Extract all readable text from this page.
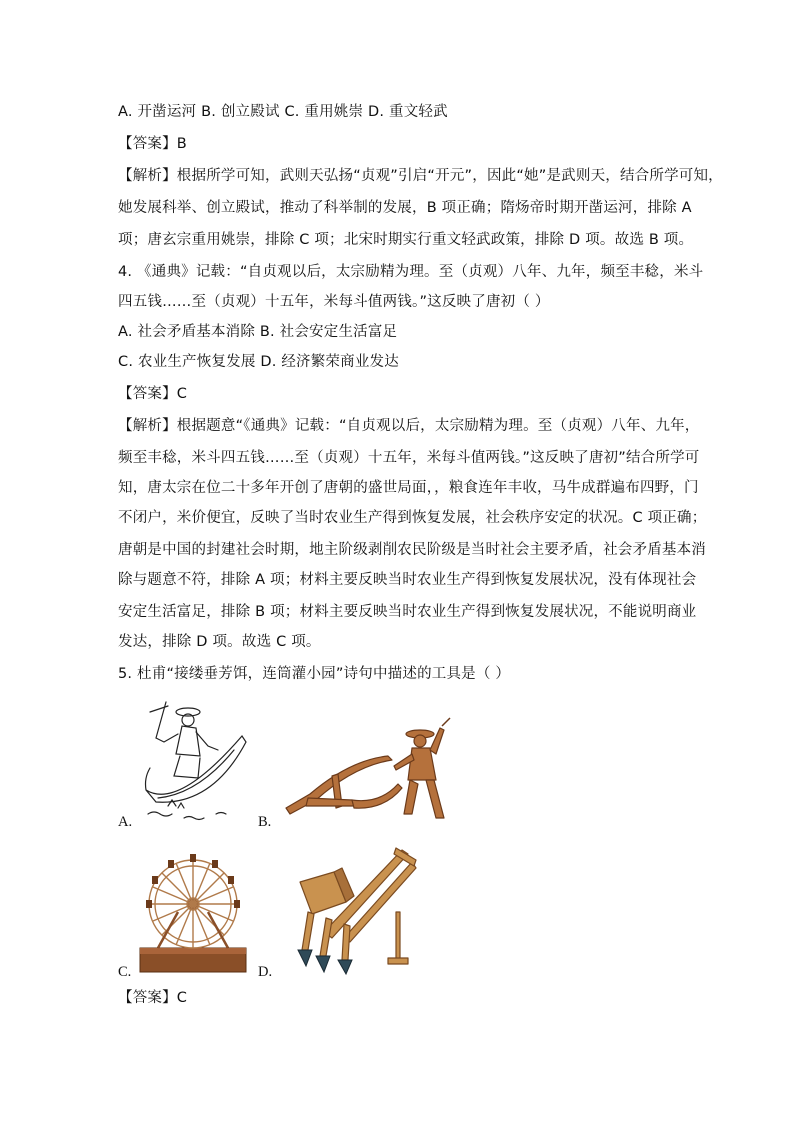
A. 开凿运河 B. 创立殿试 C. 重用姚崇 D. 重文轻武
【答案】B
【解析】根据所学可知，武则天弘扬“贞观”引启“开元”，因此“她”是武则天，结合所学可知，
她发展科举、创立殿试，推动了科举制的发展，B 项正确；隋炀帝时期开凿运河，排除 A
项；唐玄宗重用姚崇，排除 C 项；北宋时期实行重文轻武政策，排除 D 项。故选 B 项。
4. 《通典》记载：“自贞观以后，太宗励精为理。至（贞观）八年、九年，频至丰稔，米斗
四五钱……至（贞观）十五年，米每斗值两钱。”这反映了唐初（ ）
A. 社会矛盾基本消除 B. 社会安定生活富足
C. 农业生产恢复发展 D. 经济繁荣商业发达
【答案】C
【解析】根据题意“《通典》记载：“自贞观以后，太宗励精为理。至（贞观）八年、九年，
频至丰稔，米斗四五钱……至（贞观）十五年，米每斗值两钱。”这反映了唐初”结合所学可
知，唐太宗在位二十多年开创了唐朝的盛世局面，，粮食连年丰收，马牛成群遍布四野，门
不闭户，米价便宜，反映了当时农业生产得到恢复发展，社会秩序安定的状况。C 项正确；
唐朝是中国的封建社会时期，地主阶级剥削农民阶级是当时社会主要矛盾，社会矛盾基本消
除与题意不符，排除 A 项；材料主要反映当时农业生产得到恢复发展状况，没有体现社会
安定生活富足，排除 B 项；材料主要反映当时农业生产得到恢复发展状况，不能说明商业
发达，排除 D 项。故选 C 项。
5. 杜甫“接缕垂芳饵，连筒灌小园”诗句中描述的工具是（ ）
A.	B.
C.	D.
【答案】C
